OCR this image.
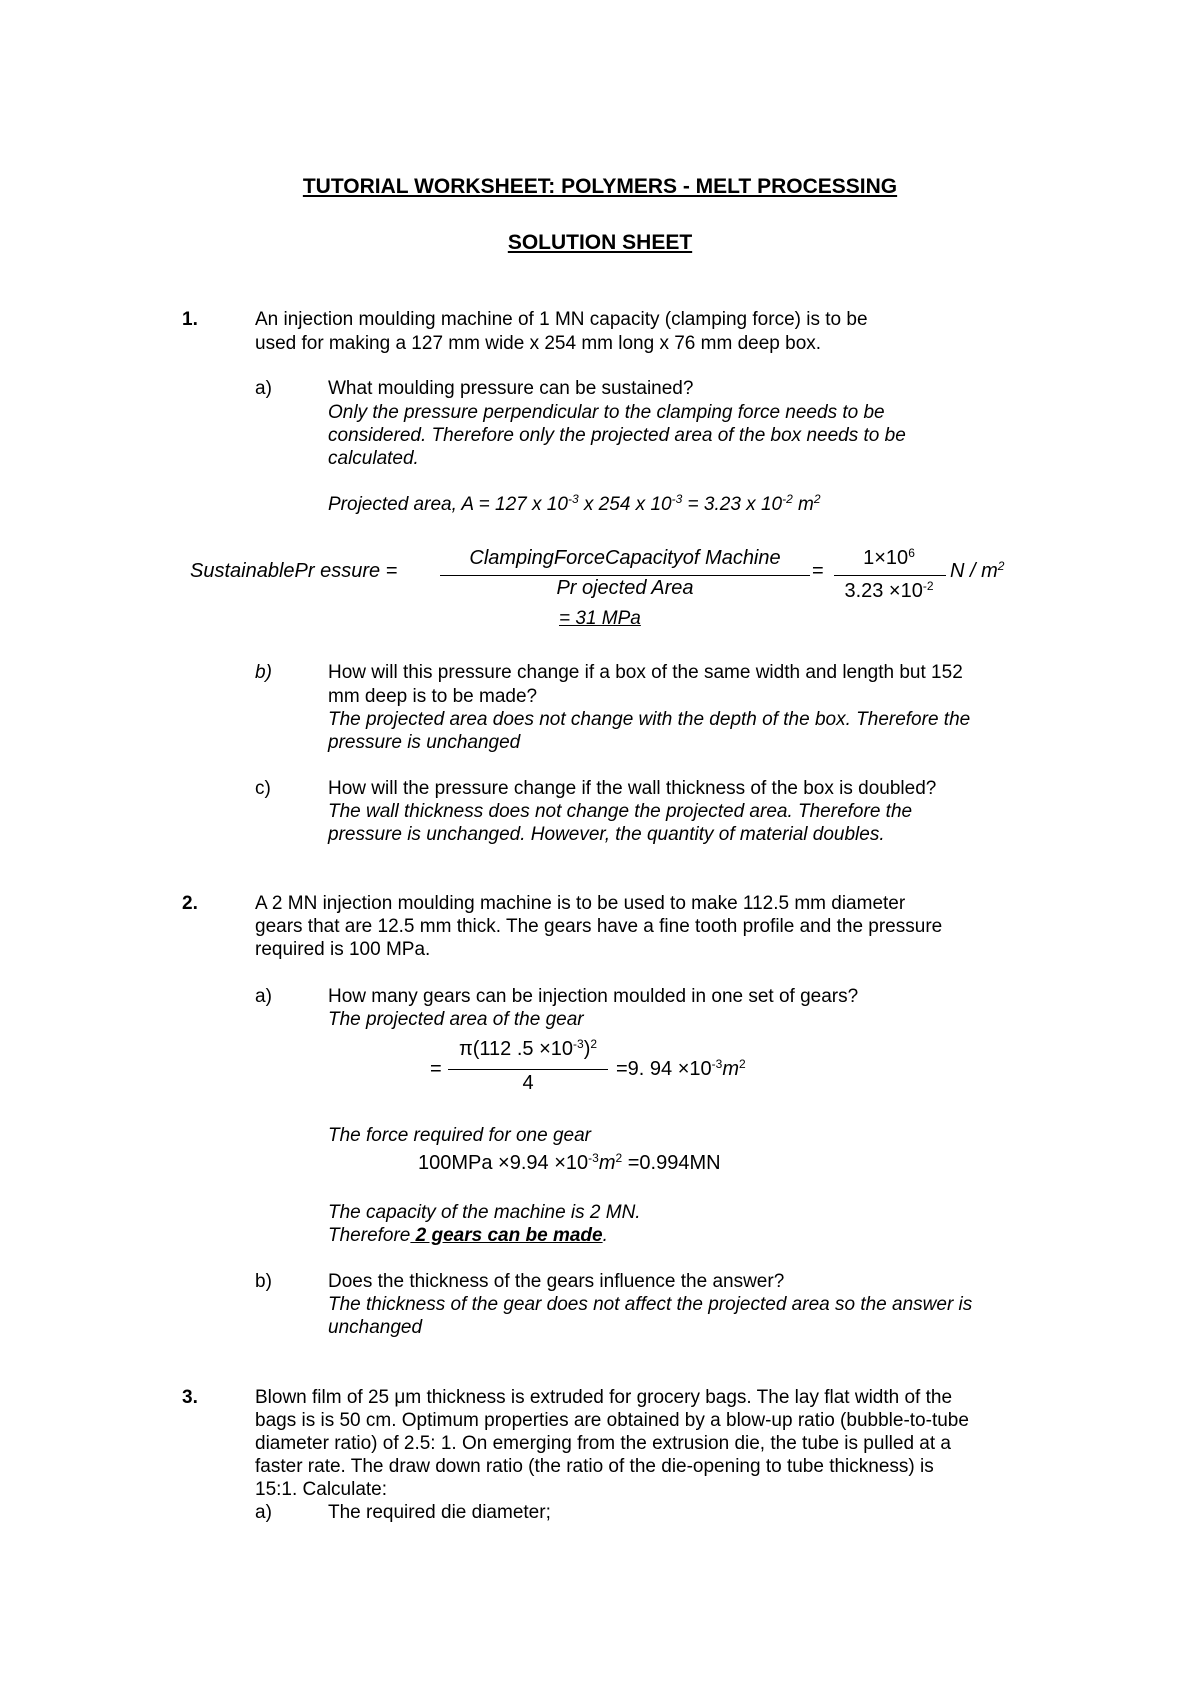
TUTORIAL WORKSHEET: POLYMERS - MELT PROCESSING
SOLUTION SHEET
1.	An injection moulding machine of 1 MN capacity (clamping force) is to be
used for making a 127 mm wide x 254 mm long x 76 mm deep box.
a)	What moulding pressure can be sustained?
Only the pressure perpendicular to the clamping force needs to be
considered. Therefore only the projected area of the box needs to be
calculated.
Projected area, A = 127 x $10^{-3}$ x 254 x $10^{-3} = 3.23$ x $10^{-2}$ $m^2$
SustainablePr essure =
ClampingForceCapacityof Machine
Pr ojected Area
=
$1\times 10^6$
$3.23 \times 10^{-2}$
N / $m^2$
= 31 MPa
b)	How will this pressure change if a box of the same width and length but 152
mm deep is to be made?
The projected area does not change with the depth of the box. Therefore the
pressure is unchanged
c)	How will the pressure change if the wall thickness of the box is doubled?
The wall thickness does not change the projected area. Therefore the
pressure is unchanged. However, the quantity of material doubles.
2.	A 2 MN injection moulding machine is to be used to make 112.5 mm diameter
gears that are 12.5 mm thick. The gears have a fine tooth profile and the pressure
required is 100 MPa.
a)	How many gears can be injection moulded in one set of gears?
The projected area of the gear
=
π(112 $.5 \times 10^{-3})^2$
4
=9. $94 \times 10^{-3}m^2$
The force required for one gear
$100MPa \times 9.94 \times 10^{-3}m^2 =0.994MN$
The capacity of the machine is 2 MN.
Therefore 2 gears can be made.
b)	Does the thickness of the gears influence the answer?
The thickness of the gear does not affect the projected area so the answer is
unchanged
3.	Blown film of 25 μm thickness is extruded for grocery bags. The lay flat width of the
bags is is 50 cm. Optimum properties are obtained by a blow-up ratio (bubble-to-tube
diameter ratio) of 2.5: 1. On emerging from the extrusion die, the tube is pulled at a
faster rate. The draw down ratio (the ratio of the die-opening to tube thickness) is
15:1. Calculate:
a)	The required die diameter;
